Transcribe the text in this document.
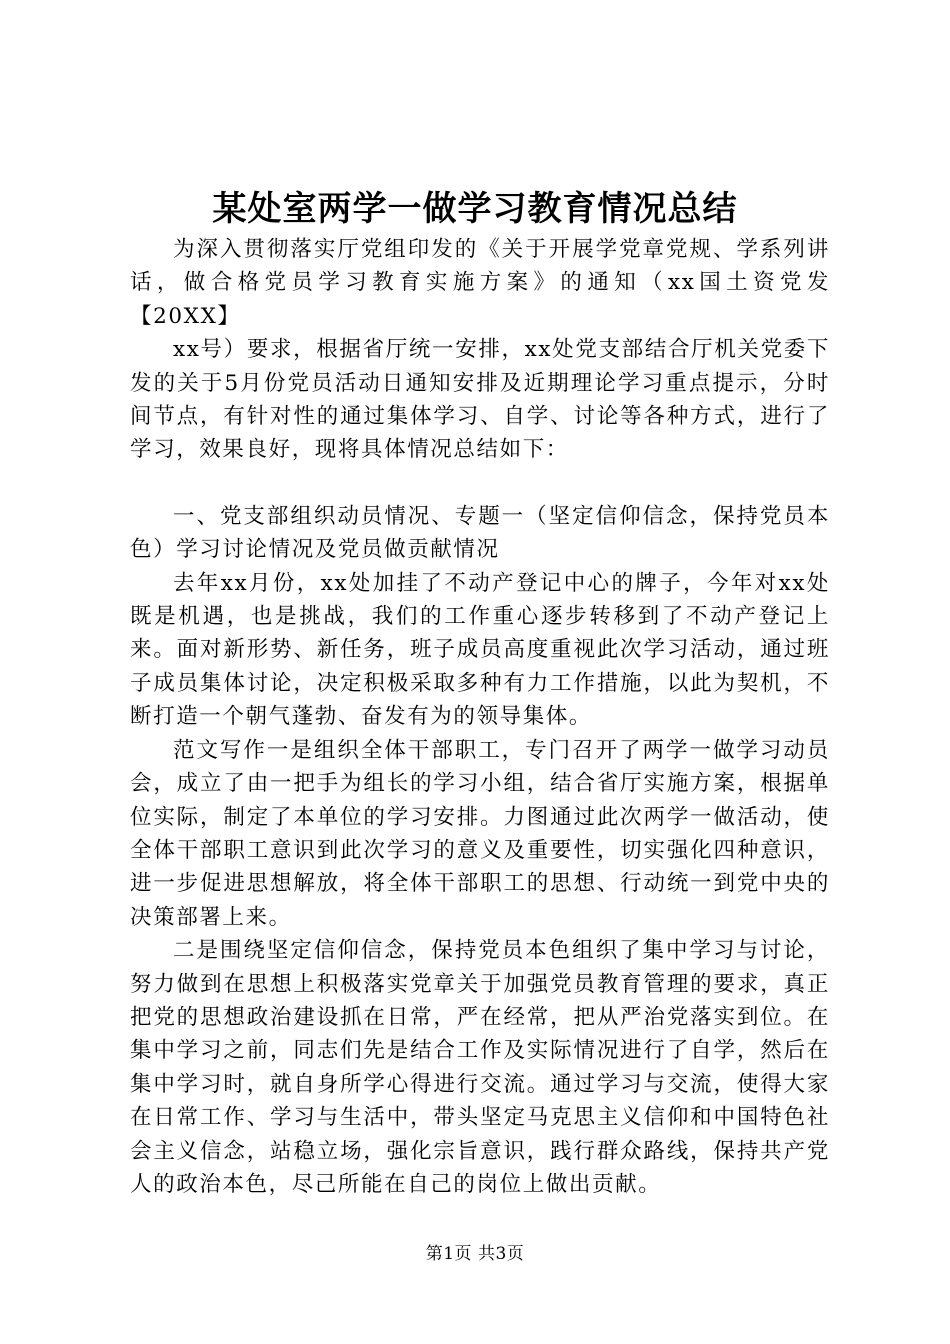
某处室两学一做学习教育情况总结

为深入贯彻落实厅党组印发的《关于开展学党章党规、学系列讲话，做合格党员学习教育实施方案》的通知（xx国土资党发【20XX】

xx号）要求，根据省厅统一安排，xx处党支部结合厅机关党委下发的关于5月份党员活动日通知安排及近期理论学习重点提示，分时间节点，有针对性的通过集体学习、自学、讨论等各种方式，进行了学习，效果良好，现将具体情况总结如下：

一、党支部组织动员情况、专题一（坚定信仰信念，保持党员本色）学习讨论情况及党员做贡献情况

去年xx月份，xx处加挂了不动产登记中心的牌子，今年对xx处既是机遇，也是挑战，我们的工作重心逐步转移到了不动产登记上来。面对新形势、新任务，班子成员高度重视此次学习活动，通过班子成员集体讨论，决定积极采取多种有力工作措施，以此为契机，不断打造一个朝气蓬勃、奋发有为的领导集体。

范文写作一是组织全体干部职工，专门召开了两学一做学习动员会，成立了由一把手为组长的学习小组，结合省厅实施方案，根据单位实际，制定了本单位的学习安排。力图通过此次两学一做活动，使全体干部职工意识到此次学习的意义及重要性，切实强化四种意识，进一步促进思想解放，将全体干部职工的思想、行动统一到党中央的决策部署上来。

二是围绕坚定信仰信念，保持党员本色组织了集中学习与讨论，努力做到在思想上积极落实党章关于加强党员教育管理的要求，真正把党的思想政治建设抓在日常，严在经常，把从严治党落实到位。在集中学习之前，同志们先是结合工作及实际情况进行了自学，然后在集中学习时，就自身所学心得进行交流。通过学习与交流，使得大家在日常工作、学习与生活中，带头坚定马克思主义信仰和中国特色社会主义信念，站稳立场，强化宗旨意识，践行群众路线，保持共产党人的政治本色，尽己所能在自己的岗位上做出贡献。

第1页 共3页
